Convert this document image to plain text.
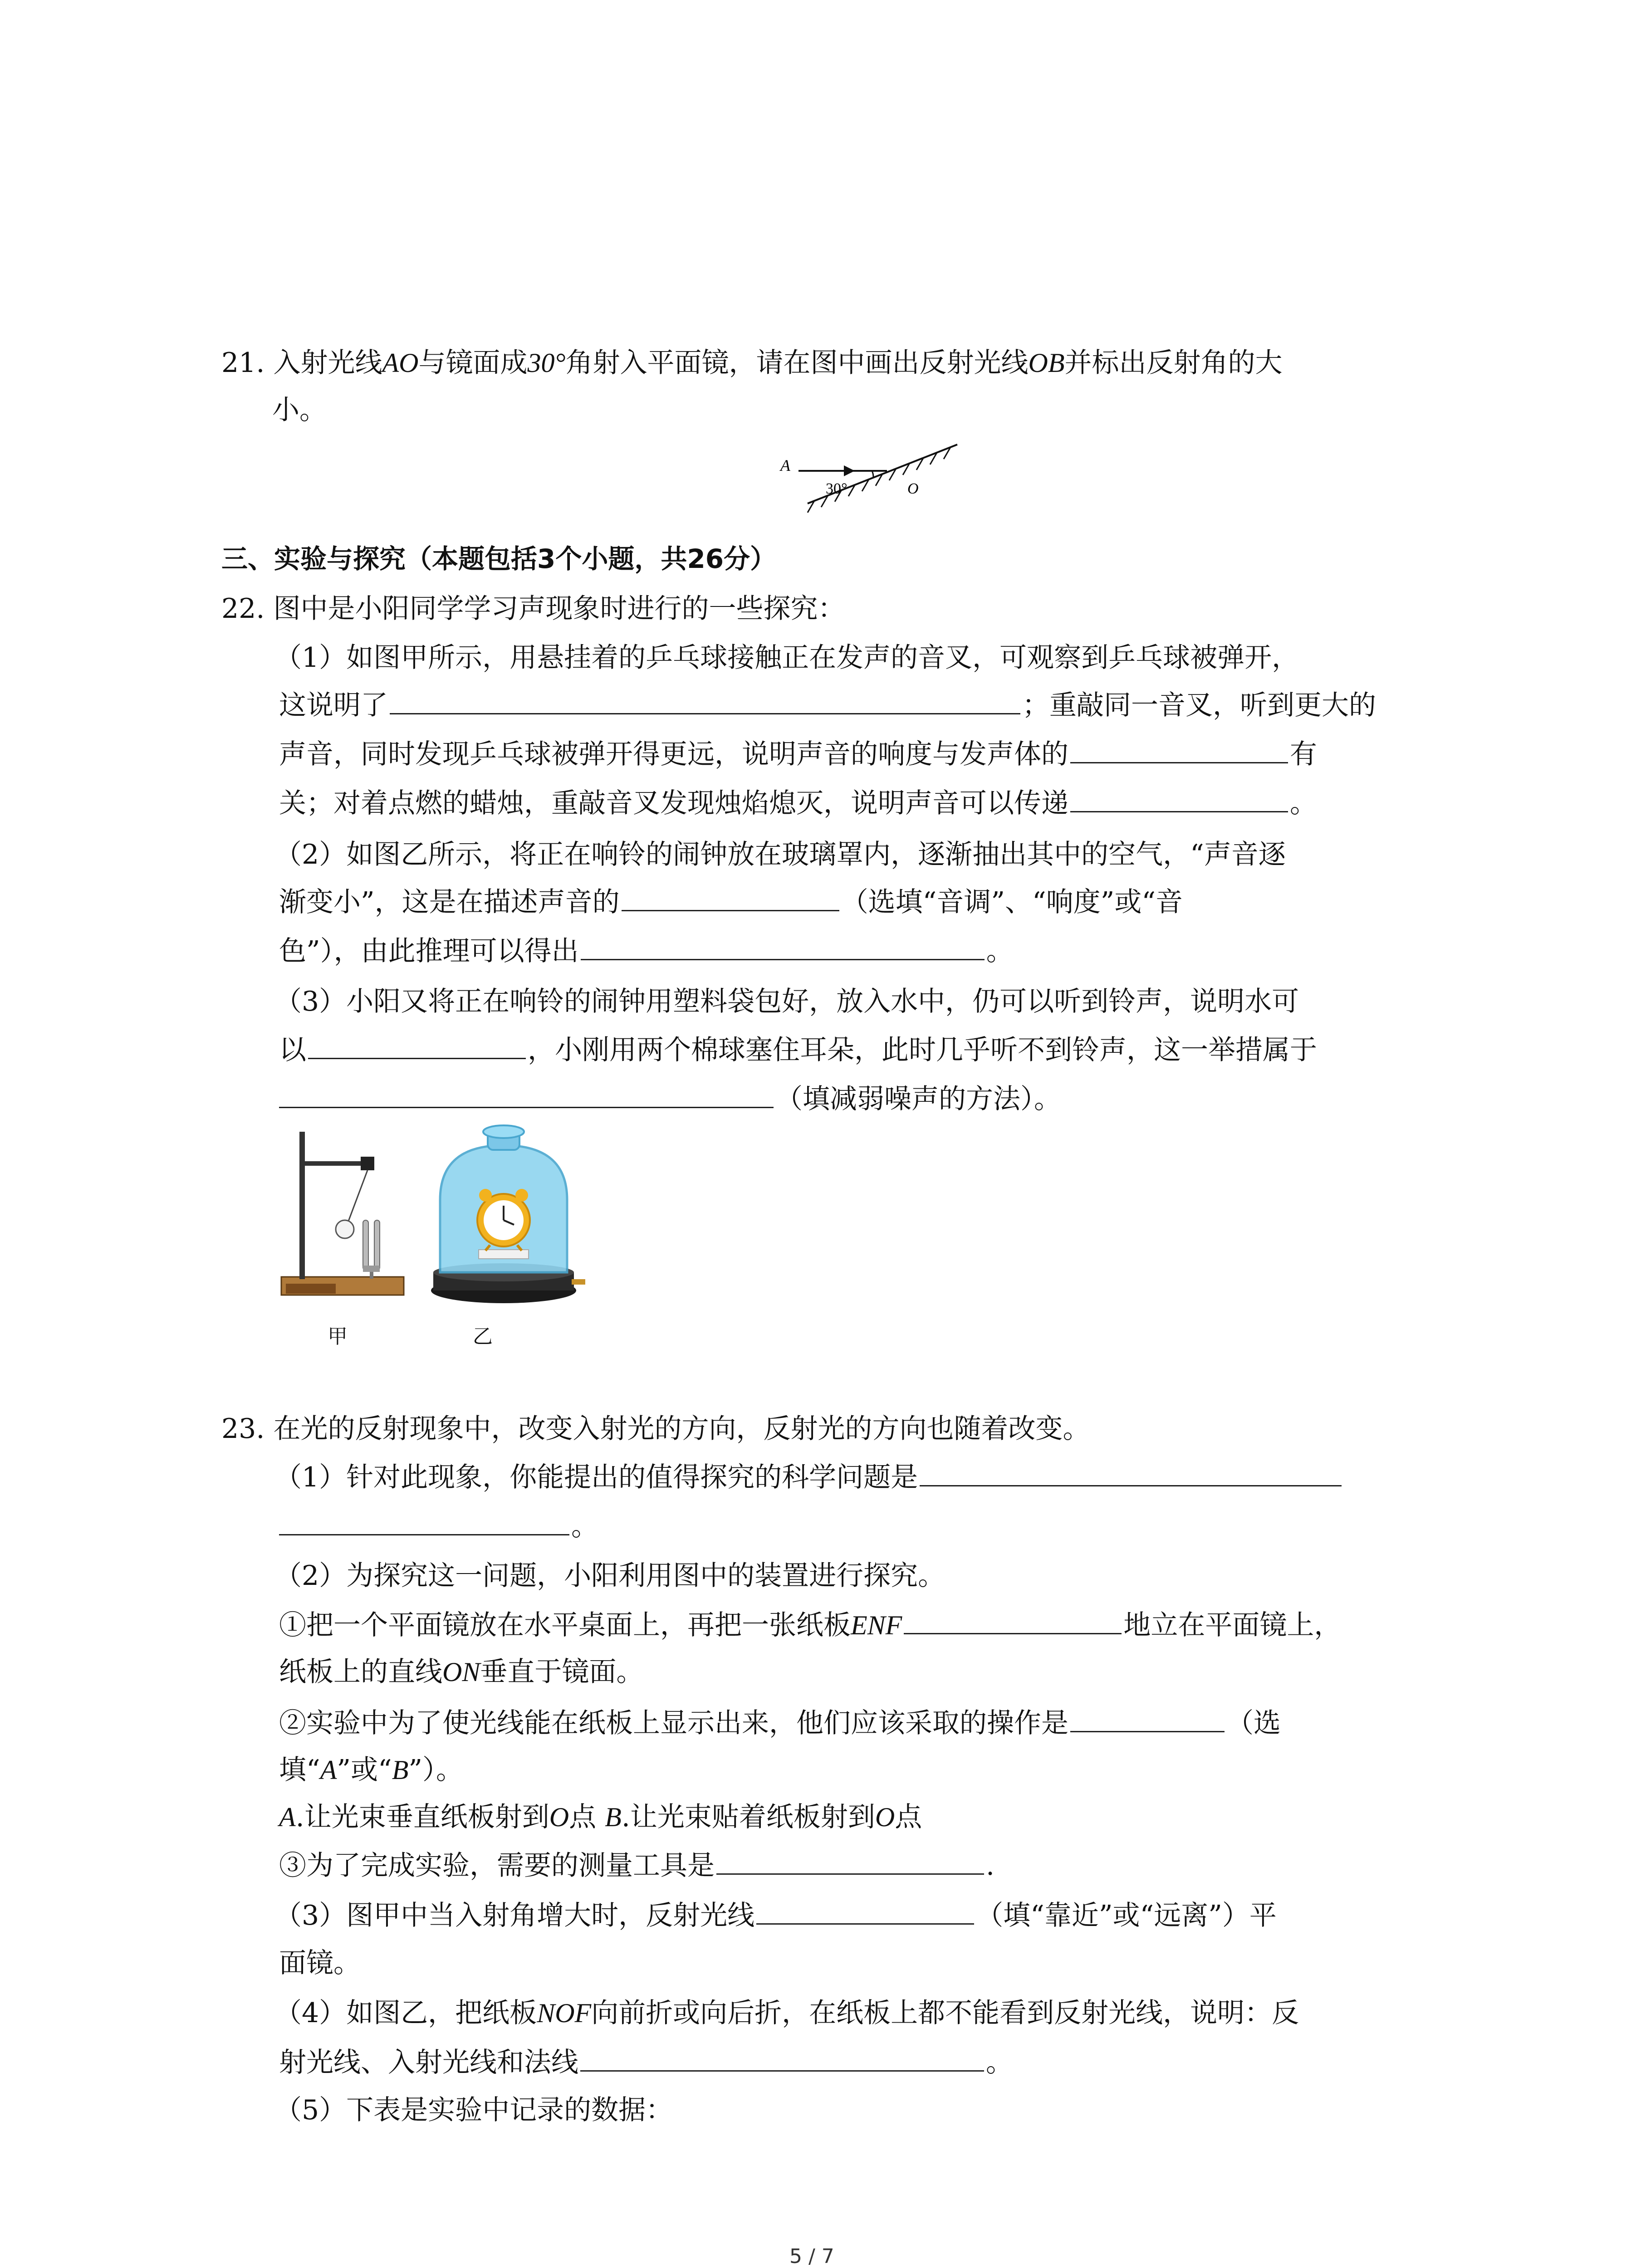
21. 入射光线AO与镜面成30°角射入平面镜，请在图中画出反射光线OB并标出反射角的大
小。
A
30°	O
三、实验与探究（本题包括3个小题，共26分）
22. 图中是小阳同学学习声现象时进行的一些探究：
（1）如图甲所示，用悬挂着的乒乓球接触正在发声的音叉，可观察到乒乓球被弹开，
这说明了	；重敲同一音叉，听到更大的
声音，同时发现乒乓球被弹开得更远，说明声音的响度与发声体的	有
关；对着点燃的蜡烛，重敲音叉发现烛焰熄灭，说明声音可以传递	。
（2）如图乙所示，将正在响铃的闹钟放在玻璃罩内，逐渐抽出其中的空气，“声音逐
渐变小”，这是在描述声音的	（选填“音调”、“响度”或“音
色”），由此推理可以得出	。
（3）小阳又将正在响铃的闹钟用塑料袋包好，放入水中，仍可以听到铃声，说明水可
以	，小刚用两个棉球塞住耳朵，此时几乎听不到铃声，这一举措属于
（填减弱噪声的方法）。
甲	乙
23. 在光的反射现象中，改变入射光的方向，反射光的方向也随着改变。
（1）针对此现象，你能提出的值得探究的科学问题是
。
（2）为探究这一问题，小阳利用图中的装置进行探究。
①把一个平面镜放在水平桌面上，再把一张纸板ENF	地立在平面镜上，
纸板上的直线ON垂直于镜面。
②实验中为了使光线能在纸板上显示出来，他们应该采取的操作是	（选
填“A”或“B”）。
A.让光束垂直纸板射到O点 B.让光束贴着纸板射到O点
③为了完成实验，需要的测量工具是	.
（3）图甲中当入射角增大时，反射光线	（填“靠近”或“远离”）平
面镜。
（4）如图乙，把纸板NOF向前折或向后折，在纸板上都不能看到反射光线，说明：反
射光线、入射光线和法线	。
（5）下表是实验中记录的数据：
5 / 7
